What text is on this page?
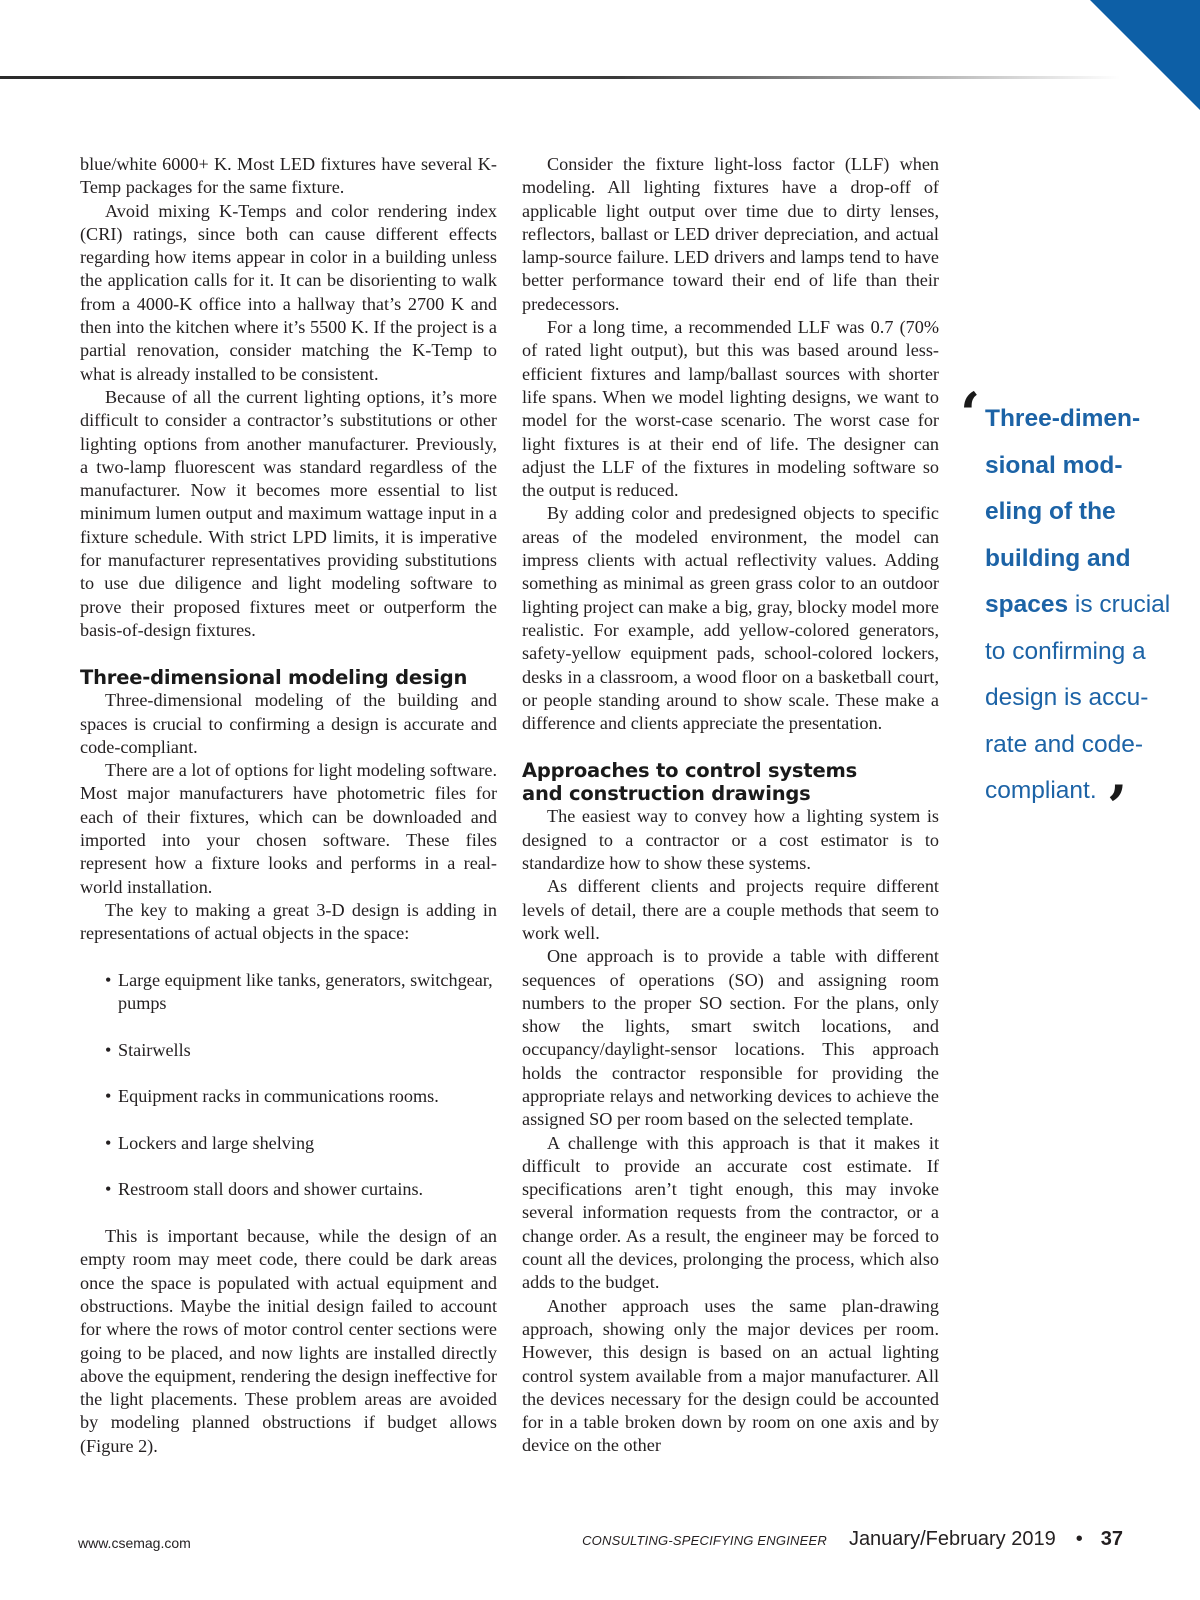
blue/white 6000+ K. Most LED fixtures have several K-Temp packages for the same fixture.

Avoid mixing K-Temps and color rendering index (CRI) ratings, since both can cause different effects regarding how items appear in color in a building unless the application calls for it. It can be disorienting to walk from a 4000-K office into a hallway that’s 2700 K and then into the kitchen where it’s 5500 K. If the project is a partial renovation, consider matching the K-Temp to what is already installed to be consistent.

Because of all the current lighting options, it’s more difficult to consider a contractor’s substitutions or other lighting options from another manufacturer. Previously, a two-lamp fluorescent was standard regardless of the manufacturer. Now it becomes more essential to list minimum lumen output and maximum wattage input in a fixture schedule. With strict LPD limits, it is imperative for manufacturer representatives providing substitutions to use due diligence and light modeling software to prove their proposed fixtures meet or outperform the basis-of-design fixtures.

Three-dimensional modeling design

Three-dimensional modeling of the building and spaces is crucial to confirming a design is accurate and code-compliant.

There are a lot of options for light modeling software. Most major manufacturers have photometric files for each of their fixtures, which can be downloaded and imported into your chosen software. These files represent how a fixture looks and performs in a real-world installation.

The key to making a great 3-D design is adding in representations of actual objects in the space:

• Large equipment like tanks, generators, switchgear, pumps
• Stairwells
• Equipment racks in communications rooms.
• Lockers and large shelving
• Restroom stall doors and shower curtains.

This is important because, while the design of an empty room may meet code, there could be dark areas once the space is populated with actual equipment and obstructions. Maybe the initial design failed to account for where the rows of motor control center sections were going to be placed, and now lights are installed directly above the equipment, rendering the design ineffective for the light placements. These problem areas are avoided by modeling planned obstructions if budget allows (Figure 2).

Consider the fixture light-loss factor (LLF) when modeling. All lighting fixtures have a drop-off of applicable light output over time due to dirty lenses, reflectors, ballast or LED driver depreciation, and actual lamp-source failure. LED drivers and lamps tend to have better performance toward their end of life than their predecessors.

For a long time, a recommended LLF was 0.7 (70% of rated light output), but this was based around less-efficient fixtures and lamp/ballast sources with shorter life spans. When we model lighting designs, we want to model for the worst-case scenario. The worst case for light fixtures is at their end of life. The designer can adjust the LLF of the fixtures in modeling software so the output is reduced.

By adding color and predesigned objects to specific areas of the modeled environment, the model can impress clients with actual reflectivity values. Adding something as minimal as green grass color to an outdoor lighting project can make a big, gray, blocky model more realistic. For example, add yellow-colored generators, safety-yellow equipment pads, school-colored lockers, desks in a classroom, a wood floor on a basketball court, or people standing around to show scale. These make a difference and clients appreciate the presentation.

Approaches to control systems
and construction drawings

The easiest way to convey how a lighting system is designed to a contractor or a cost estimator is to standardize how to show these systems.

As different clients and projects require different levels of detail, there are a couple methods that seem to work well.

One approach is to provide a table with different sequences of operations (SO) and assigning room numbers to the proper SO section. For the plans, only show the lights, smart switch locations, and occupancy/daylight-sensor locations. This approach holds the contractor responsible for providing the appropriate relays and networking devices to achieve the assigned SO per room based on the selected template.

A challenge with this approach is that it makes it difficult to provide an accurate cost estimate. If specifications aren’t tight enough, this may invoke several information requests from the contractor, or a change order. As a result, the engineer may be forced to count all the devices, prolonging the process, which also adds to the budget.

Another approach uses the same plan-drawing approach, showing only the major devices per room. However, this design is based on an actual lighting control system available from a major manufacturer. All the devices necessary for the design could be accounted for in a table broken down by room on one axis and by device on the other

‘ Three-dimen-
sional mod-
eling of the
building and
spaces is crucial
to confirming a
design is accu-
rate and code-
compliant. ’
www.csemag.com	CONSULTING-SPECIFYING ENGINEER January/February 2019 • 37
